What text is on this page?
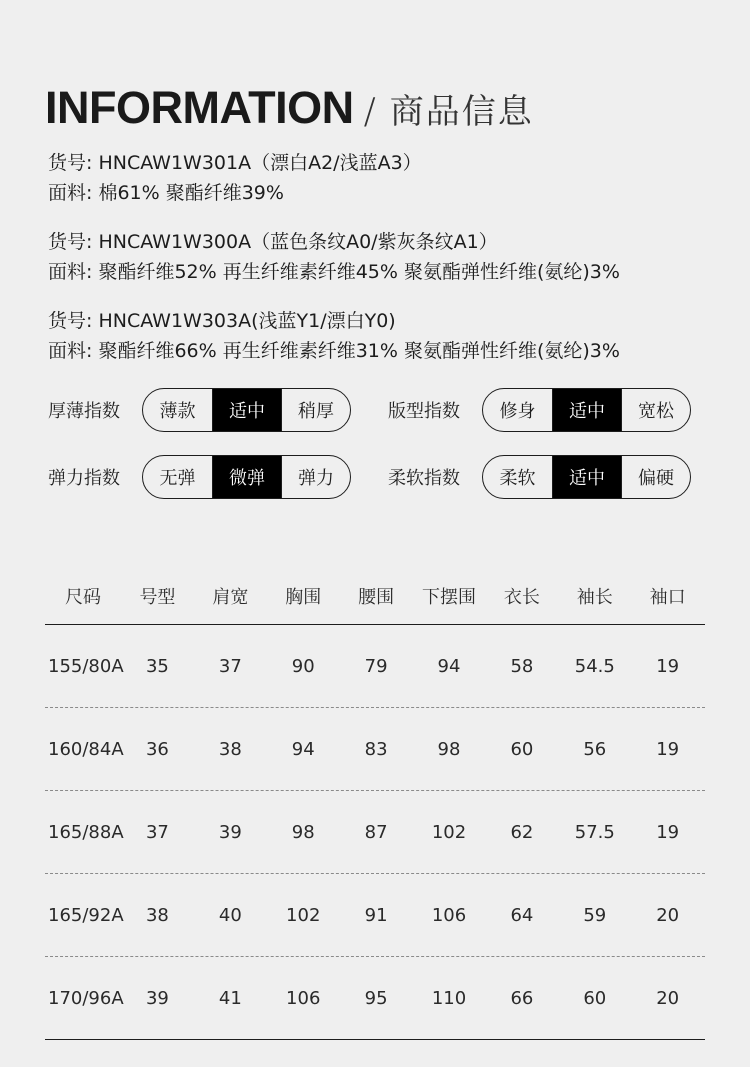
INFORMATION / 商品信息
货号: HNCAW1W301A（漂白A2/浅蓝A3）
面料: 棉61% 聚酯纤维39%
货号: HNCAW1W300A（蓝色条纹A0/紫灰条纹A1）
面料: 聚酯纤维52% 再生纤维素纤维45% 聚氨酯弹性纤维(氨纶)3%
货号: HNCAW1W303A(浅蓝Y1/漂白Y0)
面料: 聚酯纤维66% 再生纤维素纤维31% 聚氨酯弹性纤维(氨纶)3%
厚薄指数	薄款	适中	稍厚	版型指数	修身	适中	宽松
弹力指数	无弹	微弹	弹力	柔软指数	柔软	适中	偏硬
尺码	号型	肩宽	胸围	腰围	下摆围	衣长	袖长	袖口
155/80A	35	37	90	79	94	58	54.5	19
160/84A	36	38	94	83	98	60	56	19
165/88A	37	39	98	87	102	62	57.5	19
165/92A	38	40	102	91	106	64	59	20
170/96A	39	41	106	95	110	66	60	20
